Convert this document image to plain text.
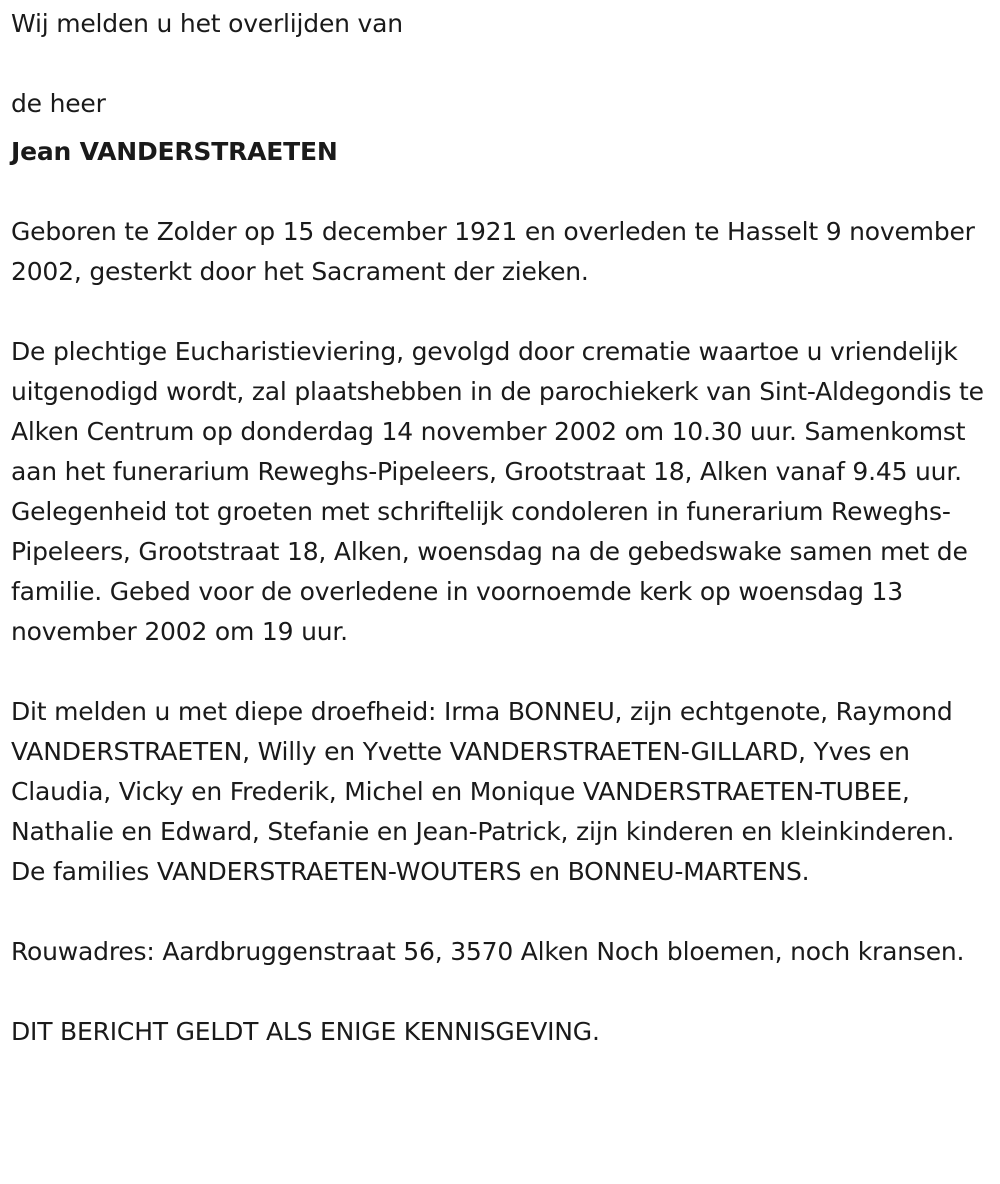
Wij melden u het overlijden van

de heer

Jean VANDERSTRAETEN

Geboren te Zolder op 15 december 1921 en overleden te Hasselt 9 november 2002, gesterkt door het Sacrament der zieken.

De plechtige Eucharistieviering, gevolgd door crematie waartoe u vriendelijk uitgenodigd wordt, zal plaatshebben in de parochiekerk van Sint-Aldegondis te Alken Centrum op donderdag 14 november 2002 om 10.30 uur. Samenkomst aan het funerarium Reweghs-Pipeleers, Grootstraat 18, Alken vanaf 9.45 uur. Gelegenheid tot groeten met schriftelijk condoleren in funerarium Reweghs-Pipeleers, Grootstraat 18, Alken, woensdag na de gebedswake samen met de familie. Gebed voor de overledene in voornoemde kerk op woensdag 13 november 2002 om 19 uur.

Dit melden u met diepe droefheid: Irma BONNEU, zijn echtgenote, Raymond VANDERSTRAETEN, Willy en Yvette VANDERSTRAETEN-GILLARD, Yves en Claudia, Vicky en Frederik, Michel en Monique VANDERSTRAETEN-TUBEE, Nathalie en Edward, Stefanie en Jean-Patrick, zijn kinderen en kleinkinderen. De families VANDERSTRAETEN-WOUTERS en BONNEU-MARTENS.

Rouwadres: Aardbruggenstraat 56, 3570 Alken Noch bloemen, noch kransen.

DIT BERICHT GELDT ALS ENIGE KENNISGEVING.
